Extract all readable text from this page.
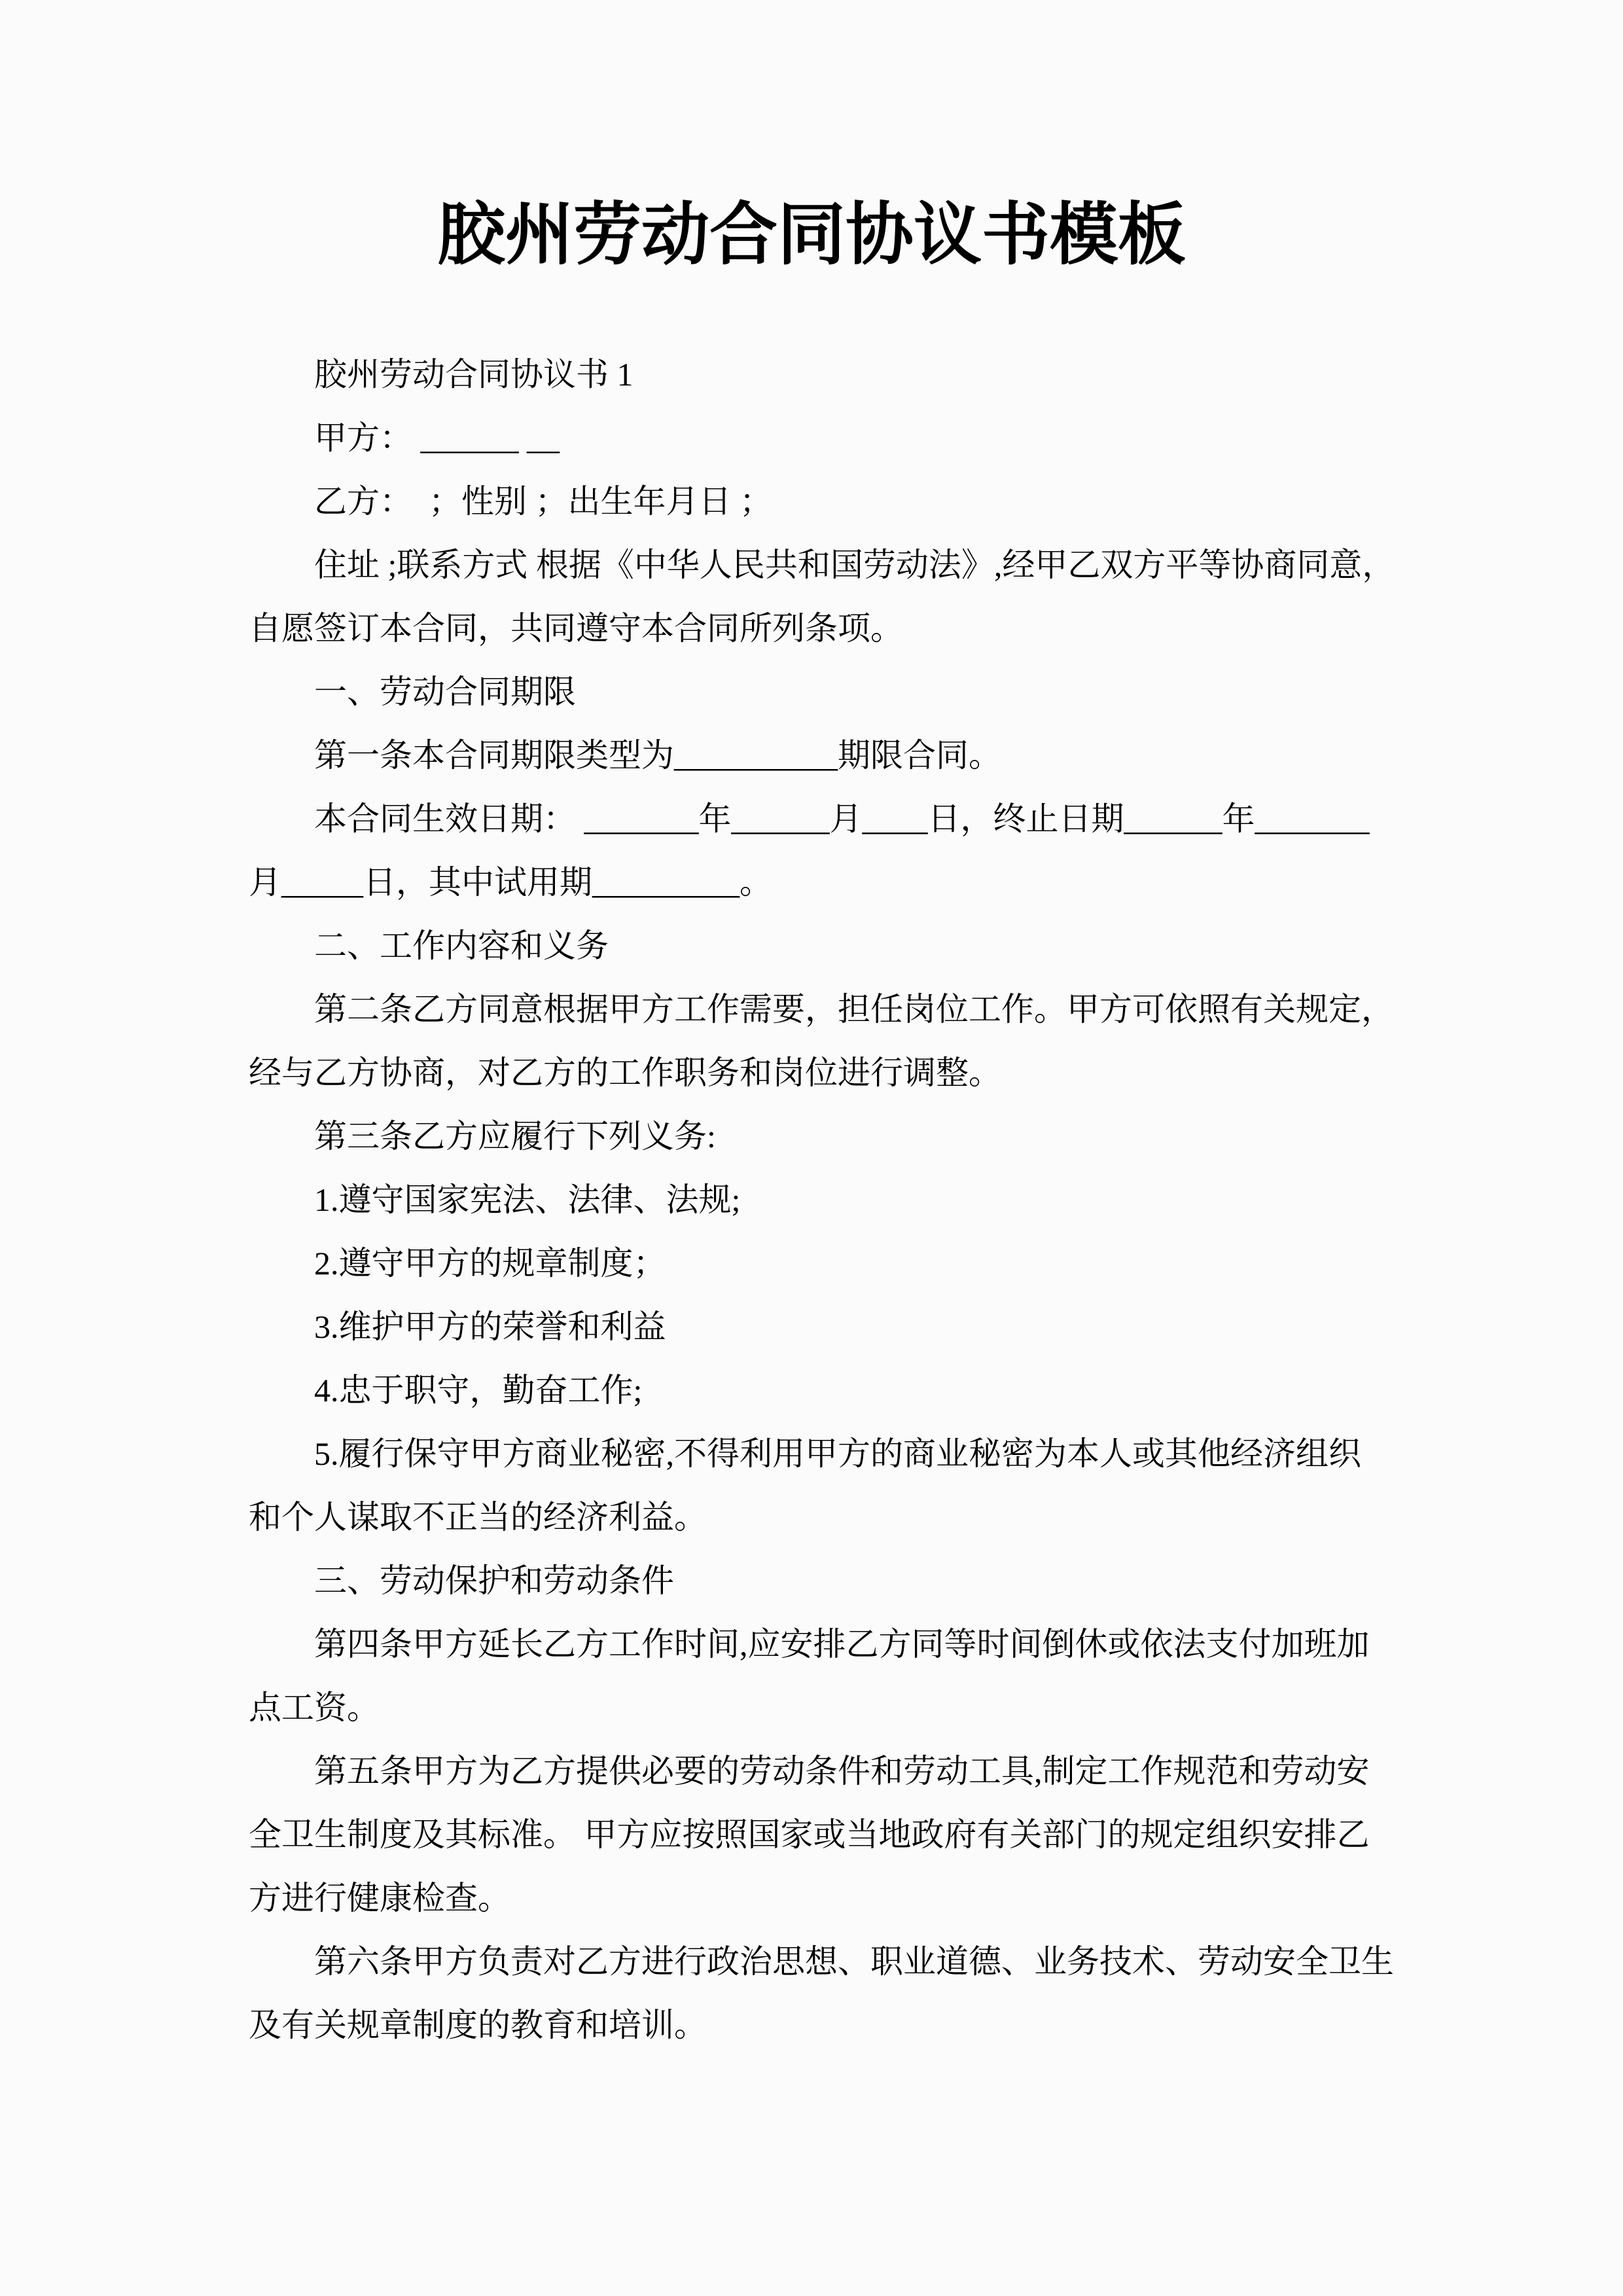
胶州劳动合同协议书模板

胶州劳动合同协议书 1

甲方： ______ __

乙方：  ；性别 ；出生年月日 ；

住址 ;联系方式 根据《中华人民共和国劳动法》,经甲乙双方平等协商同意，

自愿签订本合同，共同遵守本合同所列条项。

一、劳动合同期限

第一条本合同期限类型为__________期限合同。

本合同生效日期： _______年______月____日，终止日期______年_______

月_____日，其中试用期_________。

二、工作内容和义务

第二条乙方同意根据甲方工作需要，担任岗位工作。甲方可依照有关规定，

经与乙方协商，对乙方的工作职务和岗位进行调整。

第三条乙方应履行下列义务:

1.遵守国家宪法、法律、法规;

2.遵守甲方的规章制度；

3.维护甲方的荣誉和利益

4.忠于职守，勤奋工作;

5.履行保守甲方商业秘密,不得利用甲方的商业秘密为本人或其他经济组织

和个人谋取不正当的经济利益。

三、劳动保护和劳动条件

第四条甲方延长乙方工作时间,应安排乙方同等时间倒休或依法支付加班加

点工资。

第五条甲方为乙方提供必要的劳动条件和劳动工具,制定工作规范和劳动安

全卫生制度及其标准。 甲方应按照国家或当地政府有关部门的规定组织安排乙

方进行健康检查。

第六条甲方负责对乙方进行政治思想、职业道德、业务技术、劳动安全卫生

及有关规章制度的教育和培训。
